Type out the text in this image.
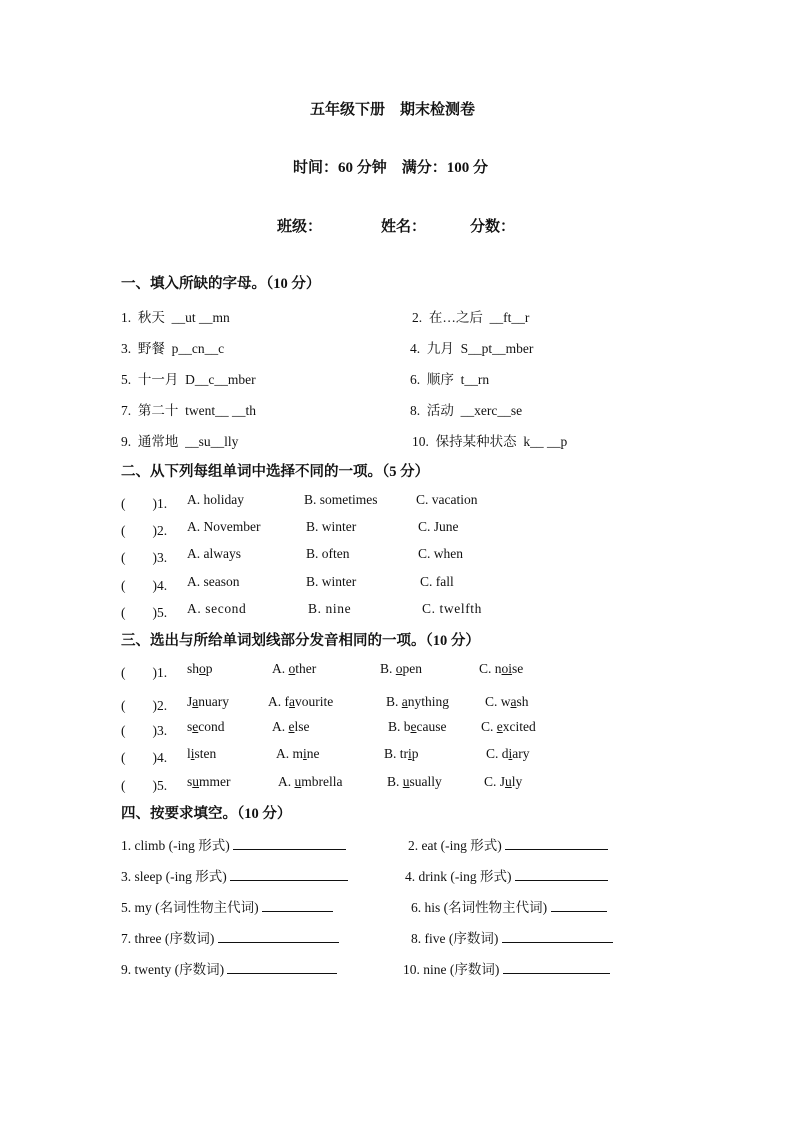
五年级下册　期末检测卷
时间：60 分钟　满分：100 分
班级：	姓名：	分数：
一、填入所缺的字母。（10 分）
1. 秋天 __ut __mn	2. 在…之后 __ft__r
3. 野餐 p__cn__c	4. 九月 S__pt__mber
5. 十一月 D__c__mber	6. 顺序 t__rn
7. 第二十 twent__ __th	8. 活动 __xerc__se
9. 通常地 __su__lly	10. 保持某种状态 k__ __p
二、从下列每组单词中选择不同的一项。（5 分）
(　　)1. A. holiday	B. sometimes	C. vacation
(　　)2. A. November	B. winter	C. June
(　　)3. A. always	B. often	C. when
(　　)4. A. season	B. winter	C. fall
(　　)5. A. second	B. nine	C. twelfth
三、选出与所给单词划线部分发音相同的一项。（10 分）
(　　)1. shop	A. other	B. open	C. noise
(　　)2. January	A. favourite	B. anything	C. wash
(　　)3. second	A. else	B. because	C. excited
(　　)4. listen	A. mine	B. trip	C. diary
(　　)5. summer	A. umbrella	B. usually	C. July
四、按要求填空。（10 分）
1. climb (-ing 形式)	2. eat (-ing 形式)
3. sleep (-ing 形式)	4. drink (-ing 形式)
5. my (名词性物主代词)	6. his (名词性物主代词)
7. three (序数词)	8. five (序数词)
9. twenty (序数词)	10. nine (序数词)
